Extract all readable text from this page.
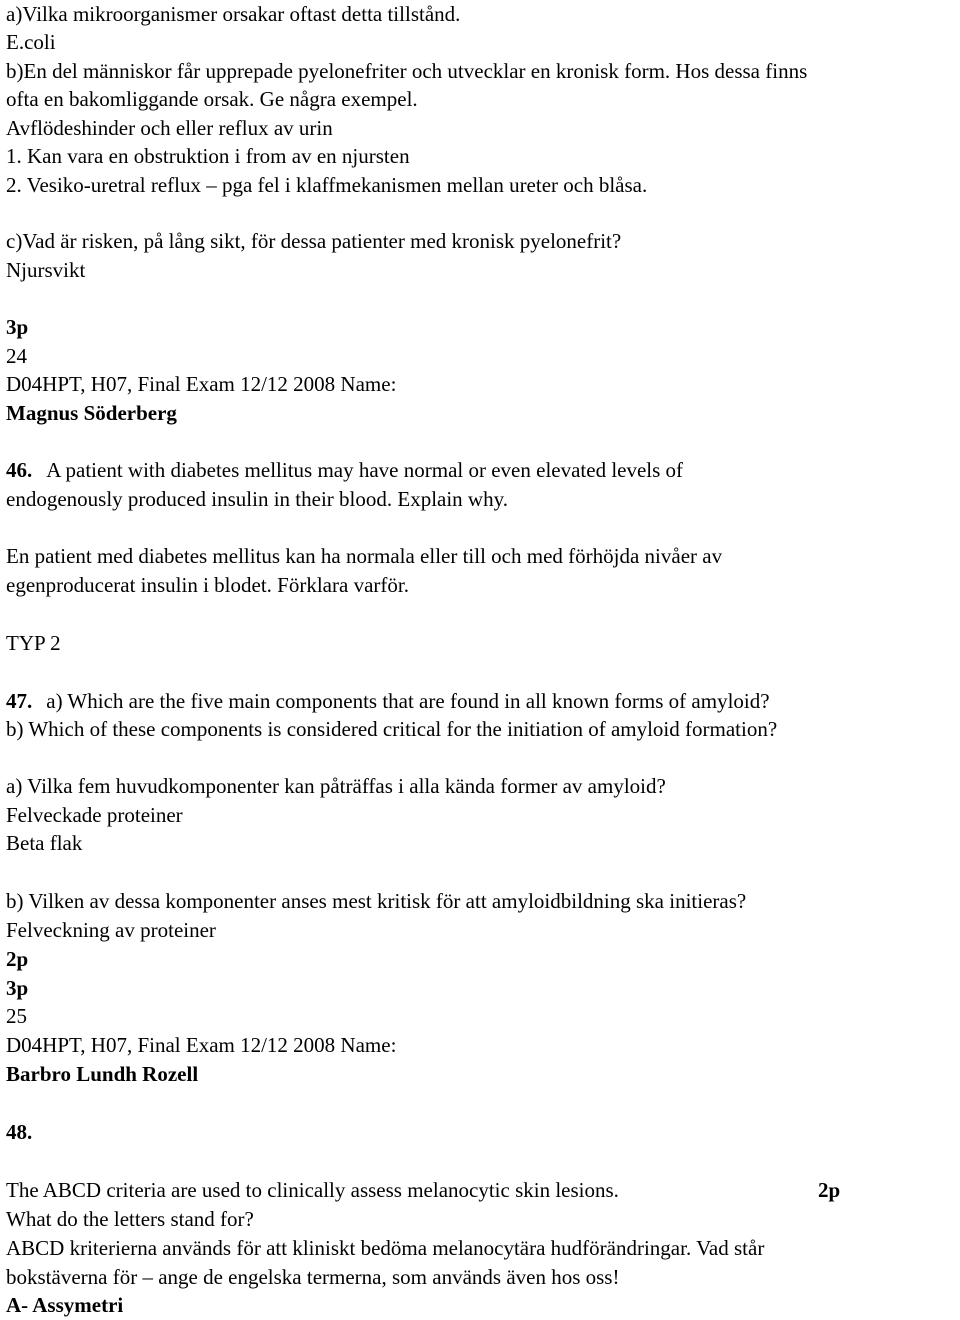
a)Vilka mikroorganismer orsakar oftast detta tillstånd.
E.coli
b)En del människor får upprepade pyelonefriter och utvecklar en kronisk form. Hos dessa finns
ofta en bakomliggande orsak. Ge några exempel.
Avflödeshinder och eller reflux av urin
1. Kan vara en obstruktion i from av en njursten
2. Vesiko-uretral reflux – pga fel i klaffmekanismen mellan ureter och blåsa.
c)Vad är risken, på lång sikt, för dessa patienter med kronisk pyelonefrit?
Njursvikt
3p
24
D04HPT, H07, Final Exam 12/12 2008 Name:
Magnus Söderberg
46. A patient with diabetes mellitus may have normal or even elevated levels of
endogenously produced insulin in their blood. Explain why.
En patient med diabetes mellitus kan ha normala eller till och med förhöjda nivåer av
egenproducerat insulin i blodet. Förklara varför.
TYP 2
47. a) Which are the five main components that are found in all known forms of amyloid?
b) Which of these components is considered critical for the initiation of amyloid formation?
a) Vilka fem huvudkomponenter kan påträffas i alla kända former av amyloid?
Felveckade proteiner
Beta flak
b) Vilken av dessa komponenter anses mest kritisk för att amyloidbildning ska initieras?
Felveckning av proteiner
2p
3p
25
D04HPT, H07, Final Exam 12/12 2008 Name:
Barbro Lundh Rozell
48.
The ABCD criteria are used to clinically assess melanocytic skin lesions.	2p
What do the letters stand for?
ABCD kriterierna används för att kliniskt bedöma melanocytära hudförändringar. Vad står
bokstäverna för – ange de engelska termerna, som används även hos oss!
A- Assymetri
